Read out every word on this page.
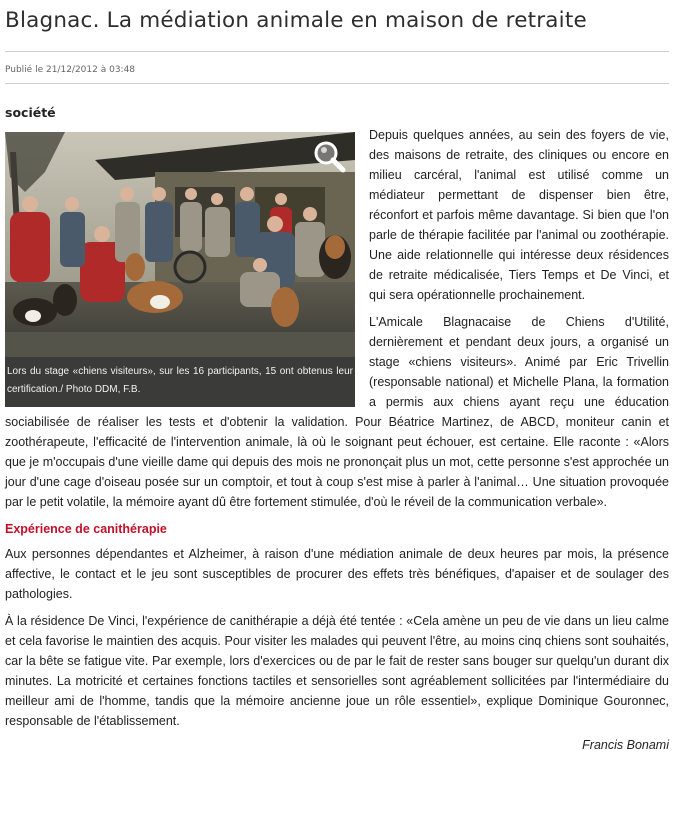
Blagnac. La médiation animale en maison de retraite
Publié le 21/12/2012 à 03:48
société
Lors du stage «chiens visiteurs», sur les 16 participants, 15 ont obtenus leur certification./ Photo DDM, F.B.

Depuis quelques années, au sein des foyers de vie, des maisons de retraite, des cliniques ou encore en milieu carcéral, l'animal est utilisé comme un médiateur permettant de dispenser bien être, réconfort et parfois même davantage. Si bien que l'on parle de thérapie facilitée par l'animal ou zoothérapie. Une aide relationnelle qui intéresse deux résidences de retraite médicalisée, Tiers Temps et De Vinci, et qui sera opérationnelle prochainement.

L'Amicale Blagnacaise de Chiens d'Utilité, dernièrement et pendant deux jours, a organisé un stage «chiens visiteurs». Animé par Eric Trivellin (responsable national) et Michelle Plana, la formation a permis aux chiens ayant reçu une éducation sociabilisée de réaliser les tests et d'obtenir la validation. Pour Béatrice Martinez, de ABCD, moniteur canin et zoothérapeute, l'efficacité de l'intervention animale, là où le soignant peut échouer, est certaine. Elle raconte : «Alors que je m'occupais d'une vieille dame qui depuis des mois ne prononçait plus un mot, cette personne s'est approchée un jour d'une cage d'oiseau posée sur un comptoir, et tout à coup s'est mise à parler à l'animal… Une situation provoquée par le petit volatile, la mémoire ayant dû être fortement stimulée, d'où le réveil de la communication verbale».

Expérience de canithérapie

Aux personnes dépendantes et Alzheimer, à raison d'une médiation animale de deux heures par mois, la présence affective, le contact et le jeu sont susceptibles de procurer des effets très bénéfiques, d'apaiser et de soulager des pathologies.

À la résidence De Vinci, l'expérience de canithérapie a déjà été tentée : «Cela amène un peu de vie dans un lieu calme et cela favorise le maintien des acquis. Pour visiter les malades qui peuvent l'être, au moins cinq chiens sont souhaités, car la bête se fatigue vite. Par exemple, lors d'exercices ou de par le fait de rester sans bouger sur quelqu'un durant dix minutes. La motricité et certaines fonctions tactiles et sensorielles sont agréablement sollicitées par l'intermédiaire du meilleur ami de l'homme, tandis que la mémoire ancienne joue un rôle essentiel», explique Dominique Gouronnec, responsable de l'établissement.

Francis Bonami
